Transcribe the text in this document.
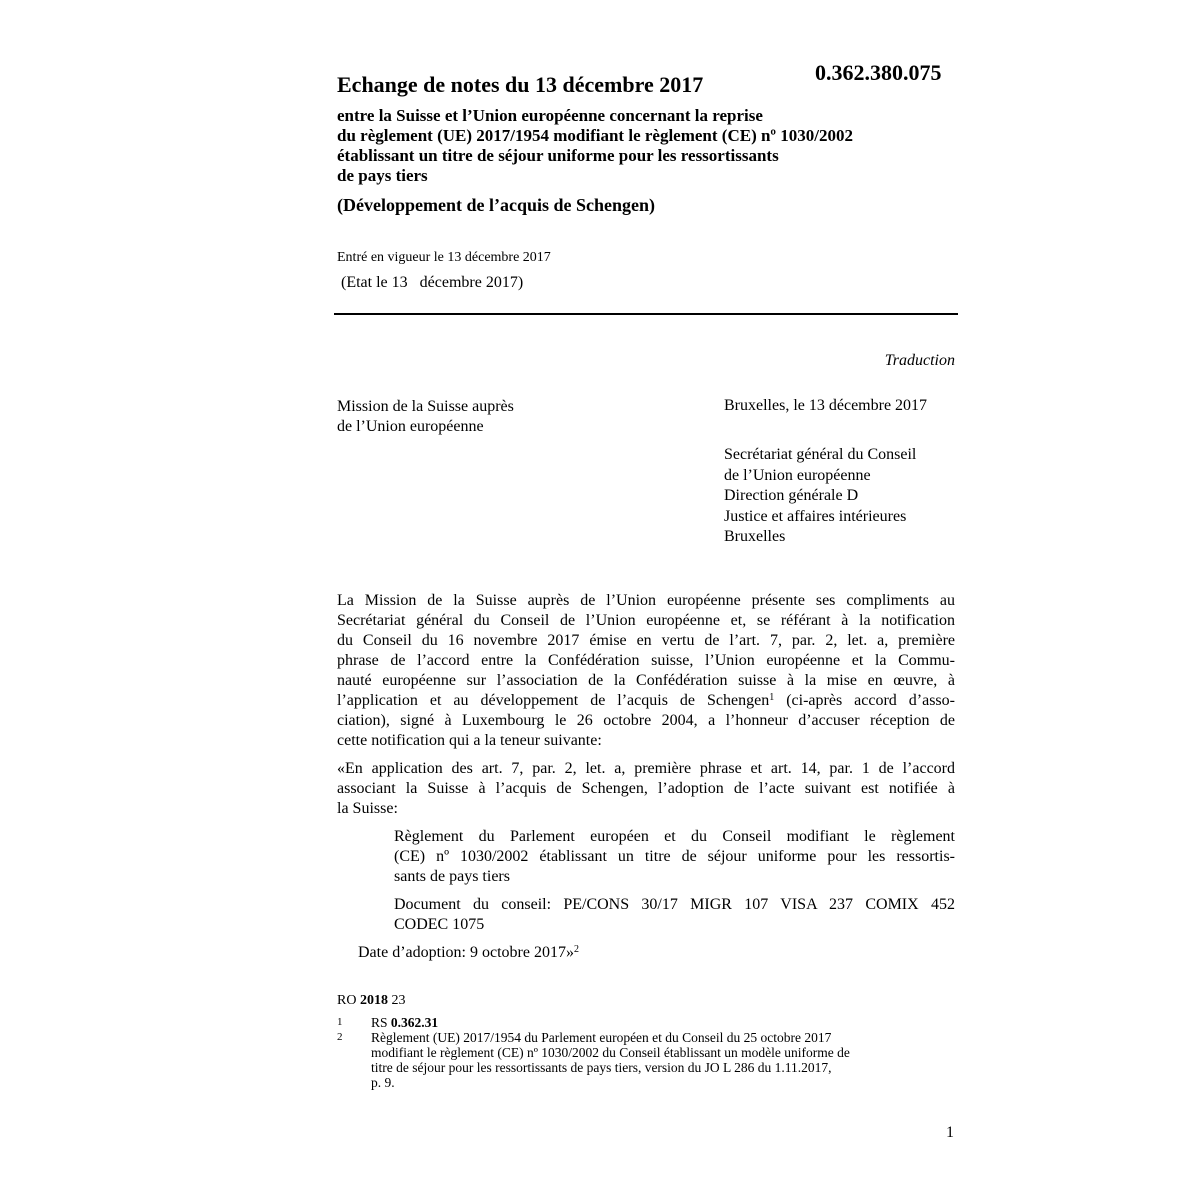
Echange de notes du 13 décembre 2017	0.362.380.075
entre la Suisse et l’Union européenne concernant la reprise
du règlement (UE) 2017/1954 modifiant le règlement (CE) nº 1030/2002
établissant un titre de séjour uniforme pour les ressortissants
de pays tiers
(Développement de l’acquis de Schengen)
Entré en vigueur le 13 décembre 2017
(Etat le 13   décembre 2017)
Traduction
Mission de la Suisse auprès
de l’Union européenne
Bruxelles, le 13 décembre 2017
Secrétariat général du Conseil
de l’Union européenne
Direction générale D
Justice et affaires intérieures
Bruxelles

La Mission de la Suisse auprès de l’Union européenne présente ses compliments au
Secrétariat général du Conseil de l’Union européenne et, se référant à la notification
du Conseil du 16 novembre 2017 émise en vertu de l’art. 7, par. 2, let. a, première
phrase de l’accord entre la Confédération suisse, l’Union européenne et la Commu-
nauté européenne sur l’association de la Confédération suisse à la mise en œuvre, à
l’application et au développement de l’acquis de Schengen$^1$ (ci-après accord d’asso-
ciation), signé à Luxembourg le 26 octobre 2004, a l’honneur d’accuser réception de
cette notification qui a la teneur suivante:

«En application des art. 7, par. 2, let. a, première phrase et art. 14, par. 1 de l’accord
associant la Suisse à l’acquis de Schengen, l’adoption de l’acte suivant est notifiée à
la Suisse:

Règlement du Parlement européen et du Conseil modifiant le règlement
(CE) nº 1030/2002 établissant un titre de séjour uniforme pour les ressortis-
sants de pays tiers

Document du conseil: PE/CONS 30/17 MIGR 107 VISA 237 COMIX 452
CODEC 1075

Date d’adoption: 9 octobre 2017»$^2$

RO 2018 23
1 RS 0.362.31
2 Règlement (UE) 2017/1954 du Parlement européen et du Conseil du 25 octobre 2017
modifiant le règlement (CE) nº 1030/2002 du Conseil établissant un modèle uniforme de
titre de séjour pour les ressortissants de pays tiers, version du JO L 286 du 1.11.2017,
p. 9.
1
